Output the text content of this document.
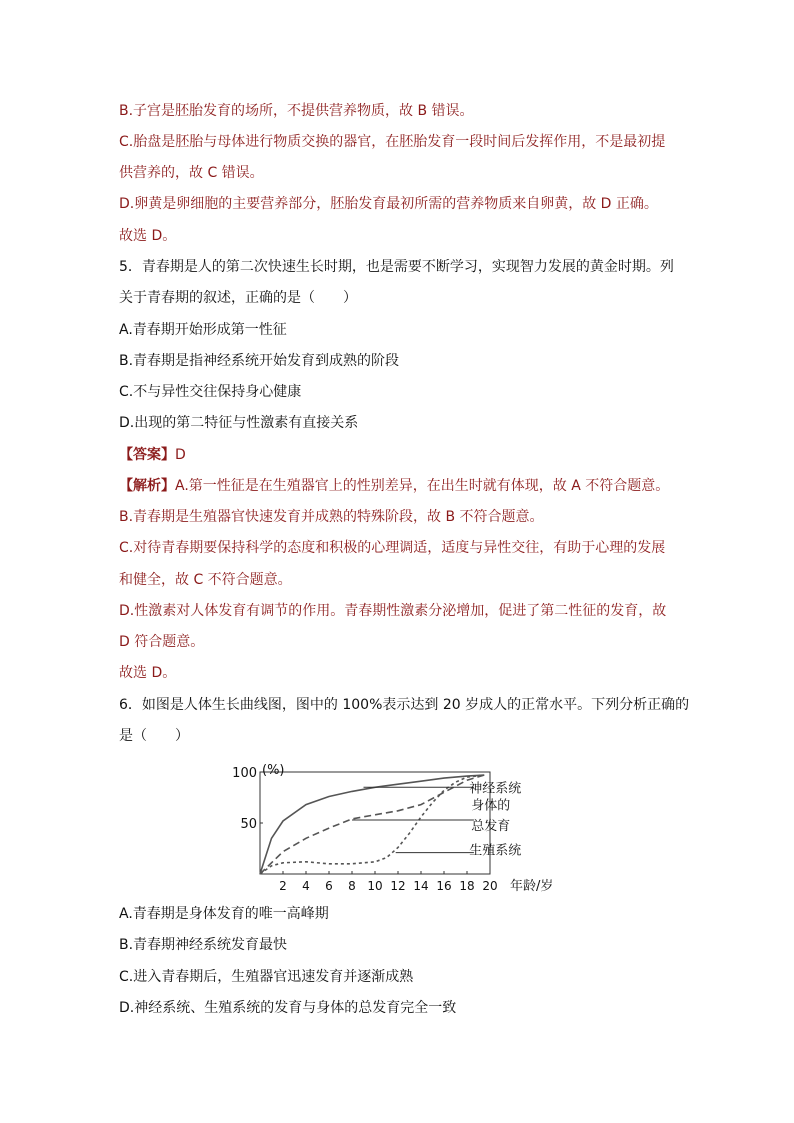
B.子宫是胚胎发育的场所，不提供营养物质，故 B 错误。
C.胎盘是胚胎与母体进行物质交换的器官，在胚胎发育一段时间后发挥作用，不是最初提
供营养的，故 C 错误。
D.卵黄是卵细胞的主要营养部分，胚胎发育最初所需的营养物质来自卵黄，故 D 正确。
故选 D。
5．青春期是人的第二次快速生长时期，也是需要不断学习，实现智力发展的黄金时期。列
关于青春期的叙述，正确的是（　　）
A.青春期开始形成第一性征
B.青春期是指神经系统开始发育到成熟的阶段
C.不与异性交往保持身心健康
D.出现的第二特征与性激素有直接关系
【答案】D
【解析】A.第一性征是在生殖器官上的性别差异，在出生时就有体现，故 A 不符合题意。
B.青春期是生殖器官快速发育并成熟的特殊阶段，故 B 不符合题意。
C.对待青春期要保持科学的态度和积极的心理调适，适度与异性交往，有助于心理的发展
和健全，故 C 不符合题意。
D.性激素对人体发育有调节的作用。青春期性激素分泌增加，促进了第二性征的发育，故
D 符合题意。
故选 D。
6．如图是人体生长曲线图，图中的 100%表示达到 20 岁成人的正常水平。下列分析正确的
是（　　）
2 4 6 8 10 12 14 16 18 20
50
100 (%)
年龄/岁
神经系统
身体的
总发育
生殖系统
A.青春期是身体发育的唯一高峰期
B.青春期神经系统发育最快
C.进入青春期后，生殖器官迅速发育并逐渐成熟
D.神经系统、生殖系统的发育与身体的总发育完全一致
